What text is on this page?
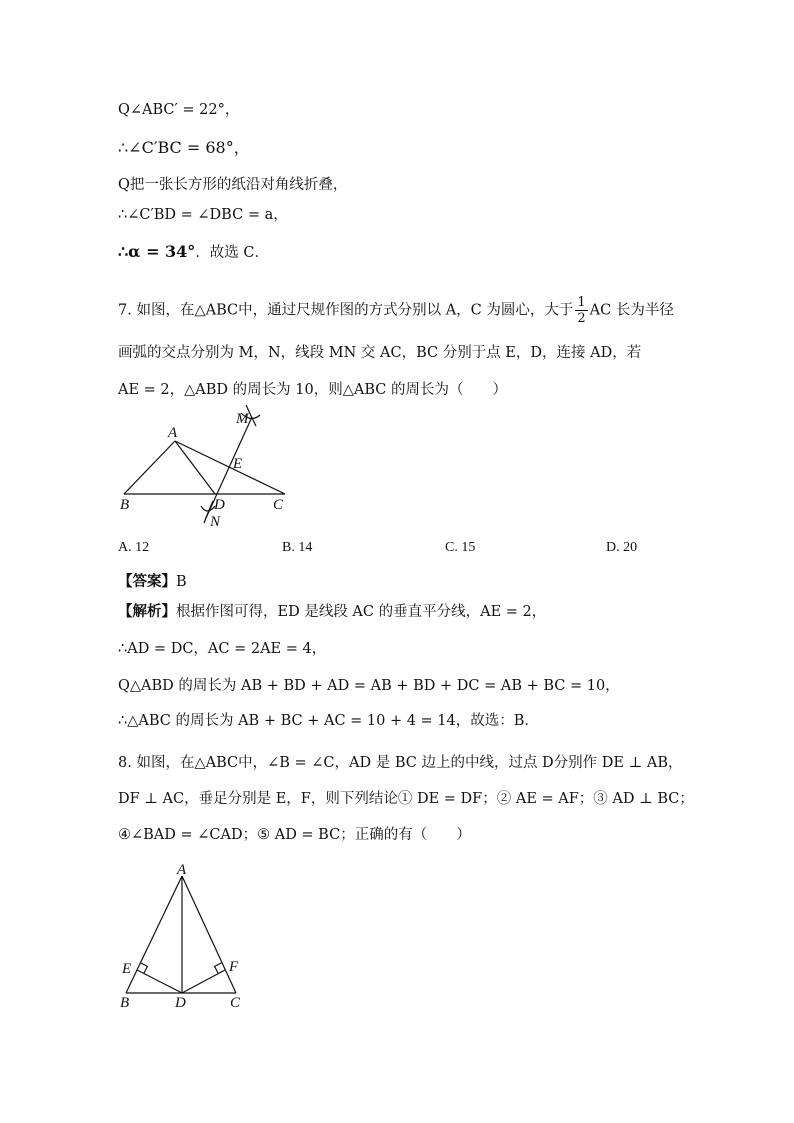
Q∠ABC′ = 22°，
∴∠C′BC = 68°，
Q把一张长方形的纸沿对角线折叠，
∴∠C′BD = ∠DBC = a，
∴α = 34°．故选 C．
7. 如图，在△ABC中，通过尺规作图的方式分别以 A，C 为圆心，大于 $\frac{1}{2}$ AC 长为半径
画弧的交点分别为 M，N，线段 MN 交 AC，BC 分别于点 E，D，连接 AD，若
AE = 2，△ABD 的周长为 10，则△ABC 的周长为（　　）
M
A
E
B	D	C
N
A. 12	B. 14	C. 15	D. 20
【答案】B
【解析】根据作图可得，ED 是线段 AC 的垂直平分线，AE = 2，
∴AD = DC，AC = 2AE = 4，
Q△ABD 的周长为 AB + BD + AD = AB + BD + DC = AB + BC = 10，
∴△ABC 的周长为 AB + BC + AC = 10 + 4 = 14，故选：B．
8. 如图，在△ABC中，∠B = ∠C，AD 是 BC 边上的中线，过点 D分别作 DE ⊥ AB，
DF ⊥ AC，垂足分别是 E，F，则下列结论① DE = DF；② AE = AF；③ AD ⊥ BC；
④∠BAD = ∠CAD；⑤ AD = BC；正确的有（　　）
A
E	F
B	D	C
